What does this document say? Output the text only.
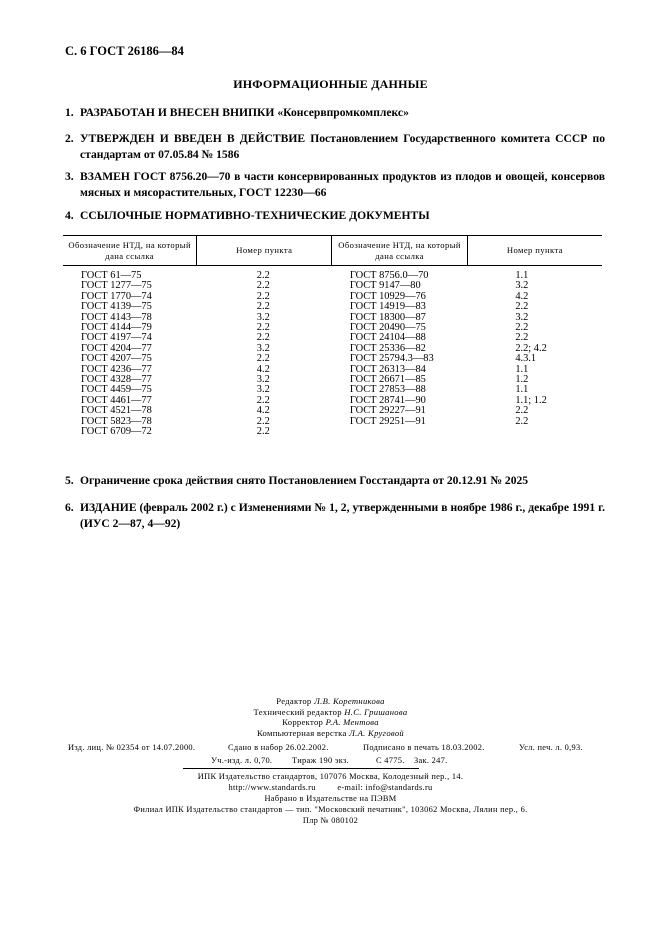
С. 6 ГОСТ 26186—84
ИНФОРМАЦИОННЫЕ ДАННЫЕ
1. РАЗРАБОТАН И ВНЕСЕН ВНИПКИ «Консервпромкомплекс»
2. УТВЕРЖДЕН И ВВЕДЕН В ДЕЙСТВИЕ Постановлением Государственного комитета СССР по стандартам от 07.05.84 № 1586
3. ВЗАМЕН ГОСТ 8756.20—70 в части консервированных продуктов из плодов и овощей, консервов мясных и мясорастительных, ГОСТ 12230—66
4. ССЫЛОЧНЫЕ НОРМАТИВНО-ТЕХНИЧЕСКИЕ ДОКУМЕНТЫ
Обозначение НТД, на который дана ссылка	Номер пункта	Обозначение НТД, на который дана ссылка	Номер пункта
ГОСТ 61—75	2.2	ГОСТ 8756.0—70	1.1
ГОСТ 1277—75	2.2	ГОСТ 9147—80	3.2
ГОСТ 1770—74	2.2	ГОСТ 10929—76	4.2
ГОСТ 4139—75	2.2	ГОСТ 14919—83	2.2
ГОСТ 4143—78	3.2	ГОСТ 18300—87	3.2
ГОСТ 4144—79	2.2	ГОСТ 20490—75	2.2
ГОСТ 4197—74	2.2	ГОСТ 24104—88	2.2
ГОСТ 4204—77	3.2	ГОСТ 25336—82	2.2; 4.2
ГОСТ 4207—75	2.2	ГОСТ 25794.3—83	4.3.1
ГОСТ 4236—77	4.2	ГОСТ 26313—84	1.1
ГОСТ 4328—77	3.2	ГОСТ 26671—85	1.2
ГОСТ 4459—75	3.2	ГОСТ 27853—88	1.1
ГОСТ 4461—77	2.2	ГОСТ 28741—90	1.1; 1.2
ГОСТ 4521—78	4.2	ГОСТ 29227—91	2.2
ГОСТ 5823—78	2.2	ГОСТ 29251—91	2.2
ГОСТ 6709—72	2.2		
5. Ограничение срока действия снято Постановлением Госстандарта от 20.12.91 № 2025
6. ИЗДАНИЕ (февраль 2002 г.) с Изменениями № 1, 2, утвержденными в ноябре 1986 г., декабре 1991 г. (ИУС 2—87, 4—92)
Редактор Л.В. Коретникова
Технический редактор Н.С. Гришанова
Корректор Р.А. Ментова
Компьютерная верстка Л.А. Круговой
Изд. лиц. № 02354 от 14.07.2000.	Сдано в набор 26.02.2002.	Подписано в печать 18.03.2002.	Усл. печ. л. 0,93.
Уч.-изд. л. 0,70. Тираж 190 экз.	С 4775. Зак. 247.
ИПК Издательство стандартов, 107076 Москва, Колодезный пер., 14.
http://www.standards.ru	e-mail: info@standards.ru
Набрано в Издательстве на ПЭВМ
Филиал ИПК Издательство стандартов — тип. "Московский печатник", 103062 Москва, Лялин пер., 6.
Плр № 080102
